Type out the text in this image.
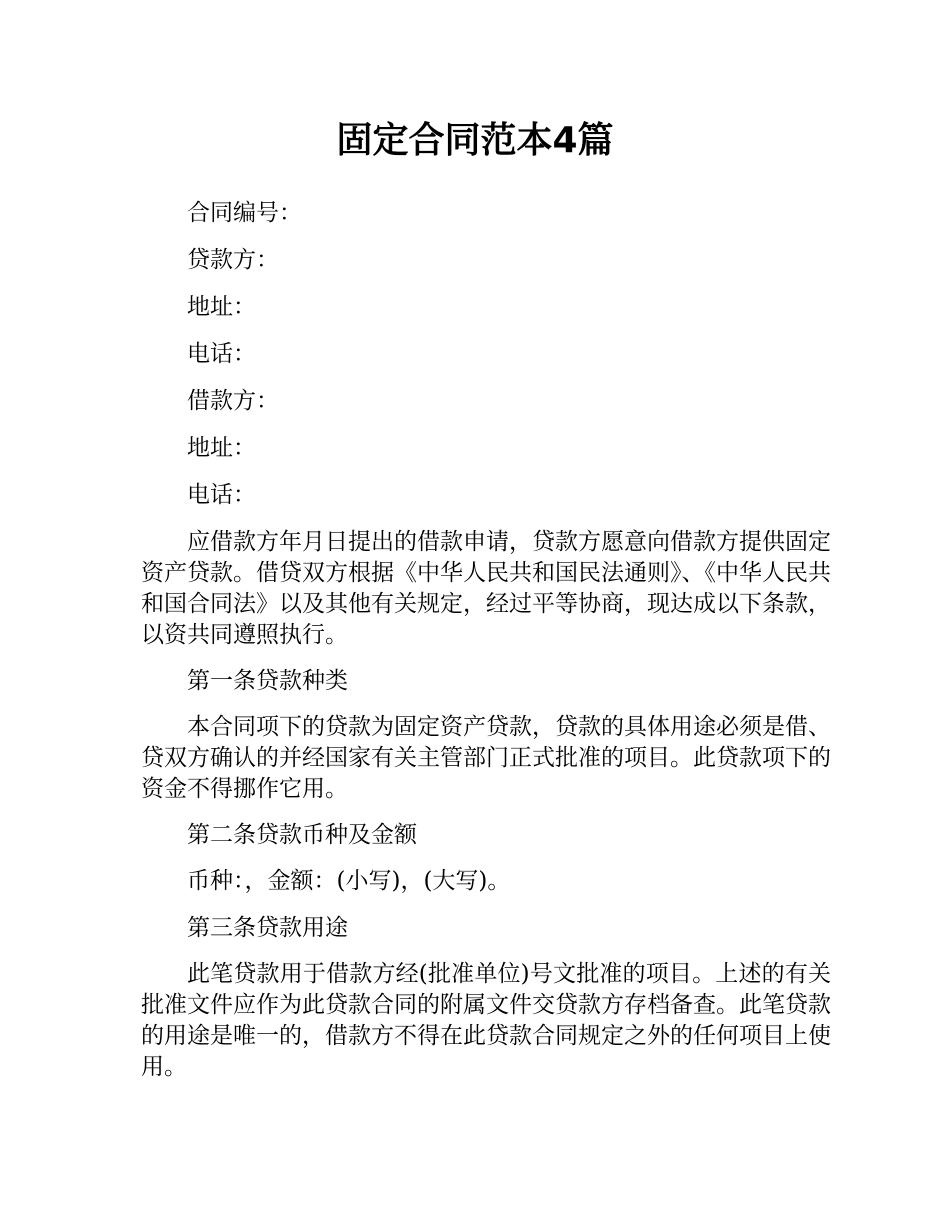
固定合同范本4篇

合同编号：

贷款方：

地址：

电话：

借款方：

地址：

电话：

应借款方年月日提出的借款申请，贷款方愿意向借款方提供固定资产贷款。借贷双方根据《中华人民共和国民法通则》、《中华人民共和国合同法》以及其他有关规定，经过平等协商，现达成以下条款，以资共同遵照执行。

第一条贷款种类

本合同项下的贷款为固定资产贷款，贷款的具体用途必须是借、贷双方确认的并经国家有关主管部门正式批准的项目。此贷款项下的资金不得挪作它用。

第二条贷款币种及金额

币种：，金额：(小写)，(大写)。

第三条贷款用途

此笔贷款用于借款方经(批准单位)号文批准的项目。上述的有关批准文件应作为此贷款合同的附属文件交贷款方存档备查。此笔贷款的用途是唯一的，借款方不得在此贷款合同规定之外的任何项目上使用。
